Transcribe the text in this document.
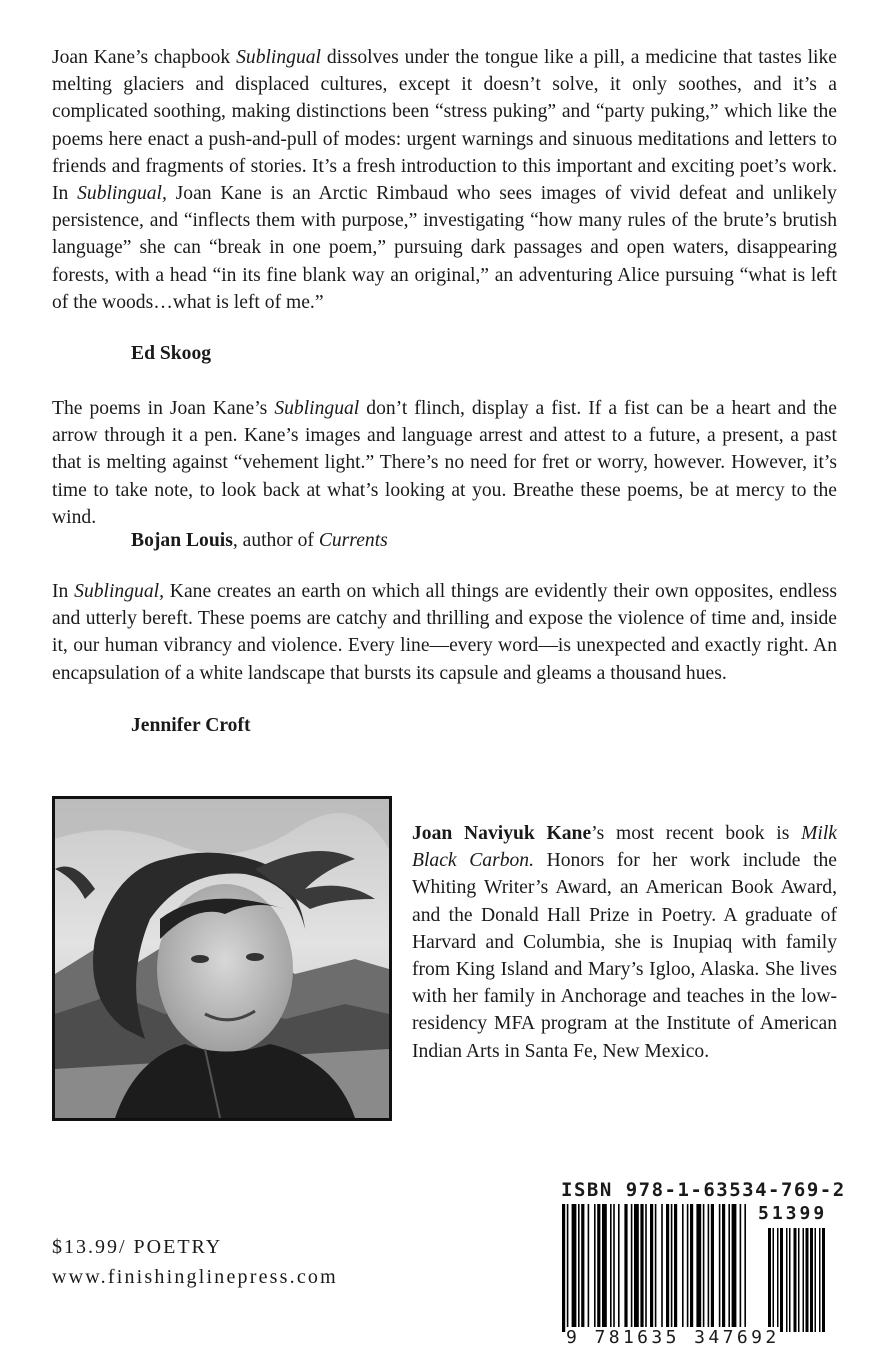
Joan Kane’s chapbook Sublingual dissolves under the tongue like a pill, a medicine that tastes like melting glaciers and displaced cultures, except it doesn’t solve, it only soothes, and it’s a complicated soothing, making distinctions been “stress puking” and “party puking,” which like the poems here enact a push-and-pull of modes: urgent warnings and sinuous meditations and letters to friends and fragments of stories. It’s a fresh introduction to this important and exciting poet’s work. In Sublingual, Joan Kane is an Arctic Rimbaud who sees images of vivid defeat and unlikely persistence, and “inflects them with purpose,” investigating “how many rules of the brute’s brutish language” she can “break in one poem,” pursuing dark passages and open waters, disappearing forests, with a head “in its fine blank way an original,” an adventuring Alice pursuing “what is left of the woods…what is left of me.”

Ed Skoog

The poems in Joan Kane’s Sublingual don’t flinch, display a fist. If a fist can be a heart and the arrow through it a pen. Kane’s images and language arrest and attest to a future, a present, a past that is melting against “vehement light.” There’s no need for fret or worry, however. However, it’s time to take note, to look back at what’s looking at you. Breathe these poems, be at mercy to the wind.

Bojan Louis, author of Currents

In Sublingual, Kane creates an earth on which all things are evidently their own opposites, endless and utterly bereft. These poems are catchy and thrilling and expose the violence of time and, inside it, our human vibrancy and violence. Every line—every word—is unexpected and exactly right. An encapsulation of a white landscape that bursts its capsule and gleams a thousand hues.

Jennifer Croft
Joan Naviyuk Kane’s most recent book is Milk Black Carbon. Honors for her work include the Whiting Writer’s Award, an American Book Award, and the Donald Hall Prize in Poetry. A graduate of Harvard and Columbia, she is Inupiaq with family from King Island and Mary’s Igloo, Alaska. She lives with her family in Anchorage and teaches in the low-residency MFA program at the Institute of American Indian Arts in Santa Fe, New Mexico.
$13.99/ POETRY
www.finishinglinepress.com
ISBN 978-1-63534-769-2
51399
9 781635 347692
